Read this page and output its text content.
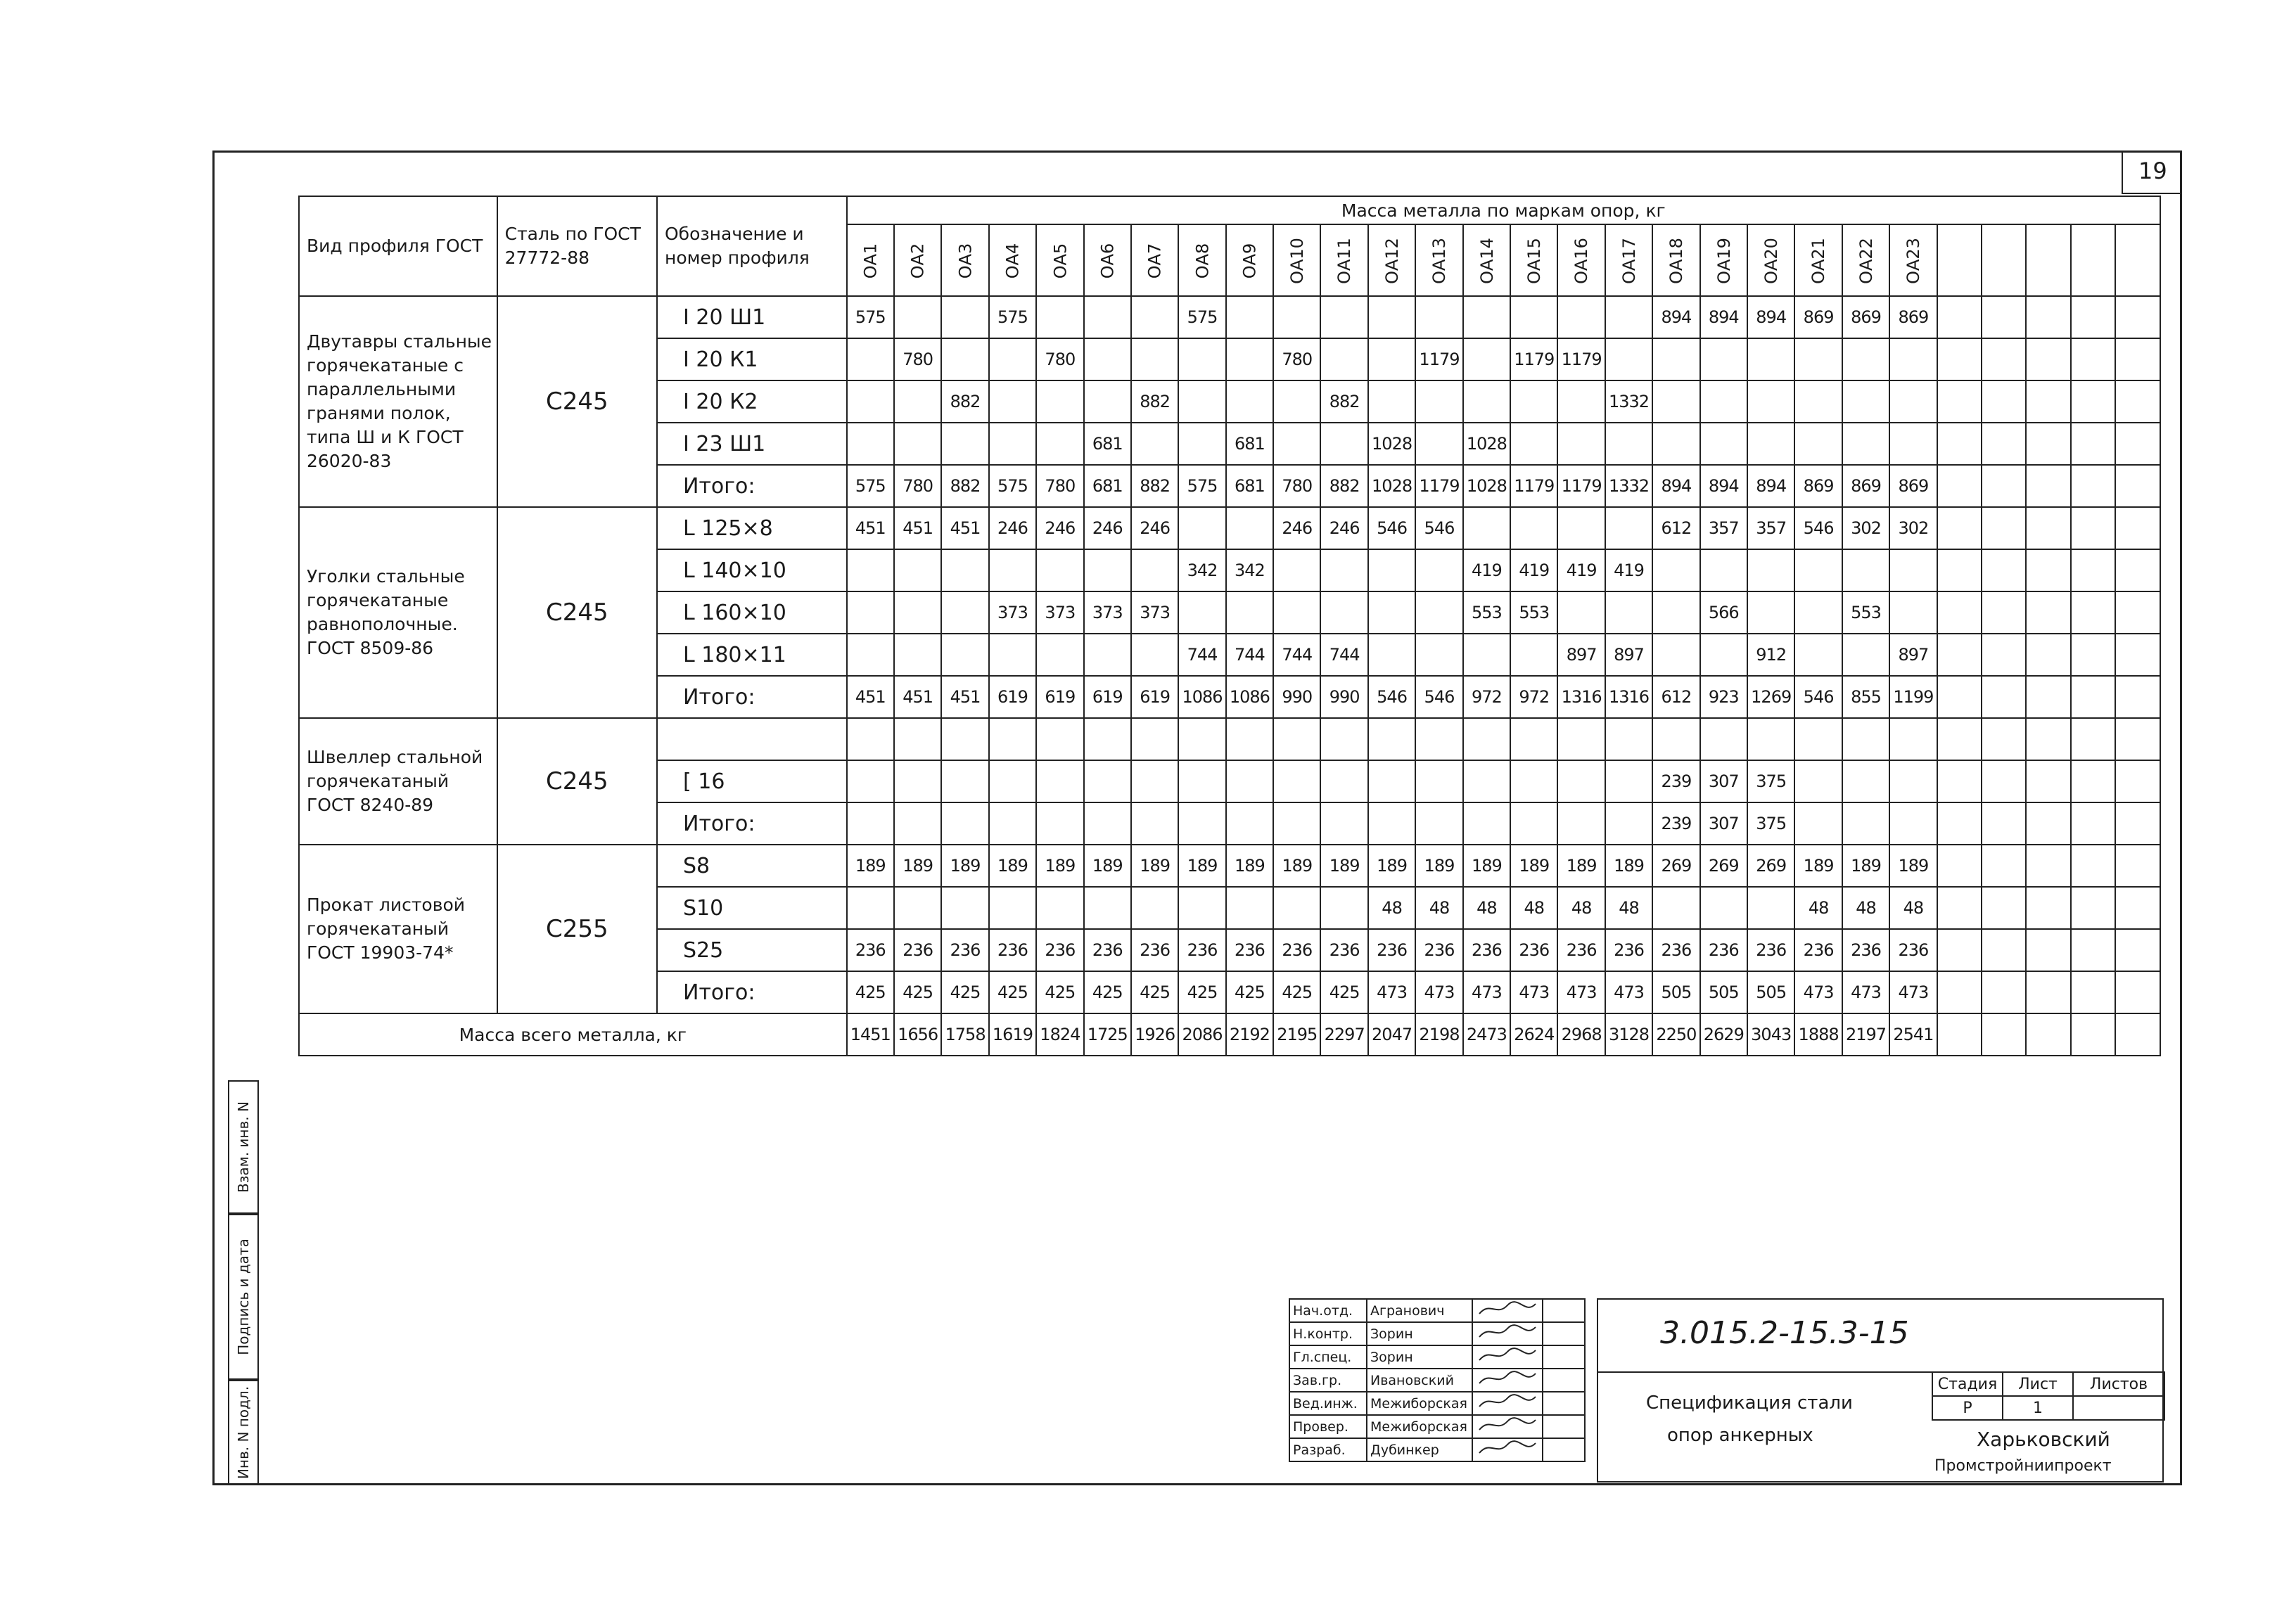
19
Взам. инв. N
Подпись и дата
Инв. N подл.
Вид профиля ГОСТ	Сталь по ГОСТ 27772-88	Обозначение и номер профиля	Масса металла по маркам опор, кг																											
			ОА1	ОА2	ОА3	ОА4	ОА5	ОА6	ОА7	ОА8	ОА9	ОА10	ОА11	ОА12	ОА13	ОА14	ОА15	ОА16	ОА17	ОА18	ОА19	ОА20	ОА21	ОА22	ОА23					
Двутавры стальные горячекатаные с параллельными гранями полок, типа Ш и К ГОСТ 26020-83	С245	I 20 Ш1	575			575				575										894	894	894	869	869	869					
		I 20 К1		780			780					780			1179		1179	1179												
		I 20 К2			882				882				882						1332											
		I 23 Ш1						681			681			1028		1028														
		Итого:	575	780	882	575	780	681	882	575	681	780	882	1028	1179	1028	1179	1179	1332	894	894	894	869	869	869					
Уголки стальные горячекатаные равнополочные. ГОСТ 8509-86	С245	L 125×8	451	451	451	246	246	246	246			246	246	546	546					612	357	357	546	302	302					
		L 140×10								342	342					419	419	419	419											
		L 160×10				373	373	373	373							553	553				566			553						
		L 180×11								744	744	744	744					897	897			912			897					
		Итого:	451	451	451	619	619	619	619	1086	1086	990	990	546	546	972	972	1316	1316	612	923	1269	546	855	1199					
Швеллер стальной горячекатаный ГОСТ 8240-89	С245																													
		[ 16																		239	307	375								
		Итого:																		239	307	375								
Прокат листовой горячекатаный ГОСТ 19903-74*	С255	S8	189	189	189	189	189	189	189	189	189	189	189	189	189	189	189	189	189	269	269	269	189	189	189					
		S10												48	48	48	48	48	48				48	48	48					
		S25	236	236	236	236	236	236	236	236	236	236	236	236	236	236	236	236	236	236	236	236	236	236	236					
		Итого:	425	425	425	425	425	425	425	425	425	425	425	473	473	473	473	473	473	505	505	505	473	473	473					
Масса всего металла, кг			1451	1656	1758	1619	1824	1725	1926	2086	2192	2195	2297	2047	2198	2473	2624	2968	3128	2250	2629	3043	1888	2197	2541					
Нач.отд.	Агранович		
Н.контр.	Зорин		
Гл.спец.	Зорин		
Зав.гр.	Ивановский		
Вед.инж.	Межиборская		
Провер.	Межиборская		
Разраб.	Дубинкер		
3.015.2-15.3-15
Спецификация стали
опор анкерных
Стадия	Лист	Листов
Р	1	
Харьковский
Промстройниипроект
